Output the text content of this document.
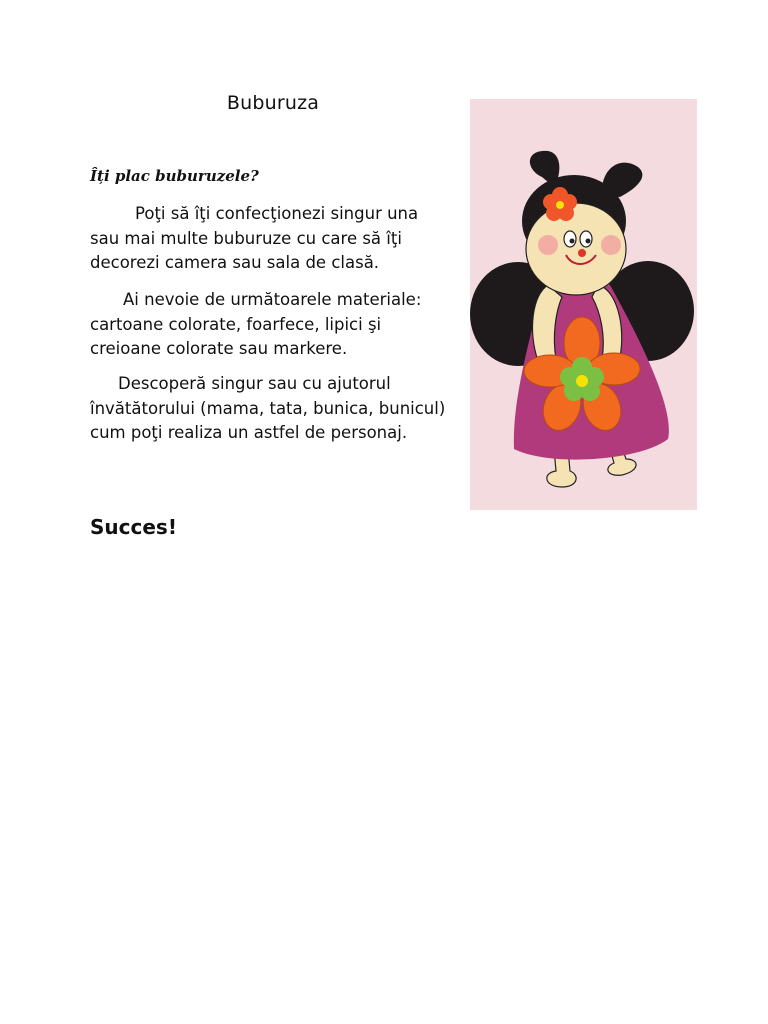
Buburuza
Îți plac buburuzele?

Poţi să îţi confecţionezi singur una sau mai multe buburuze cu care să îţi decorezi camera sau sala de clasă.

Ai nevoie de următoarele materiale: cartoane colorate, foarfece, lipici şi creioane colorate sau markere.

Descoperă singur sau cu ajutorul învătătorului (mama, tata, bunica, bunicul) cum poţi realiza un astfel de personaj.

Succes!
